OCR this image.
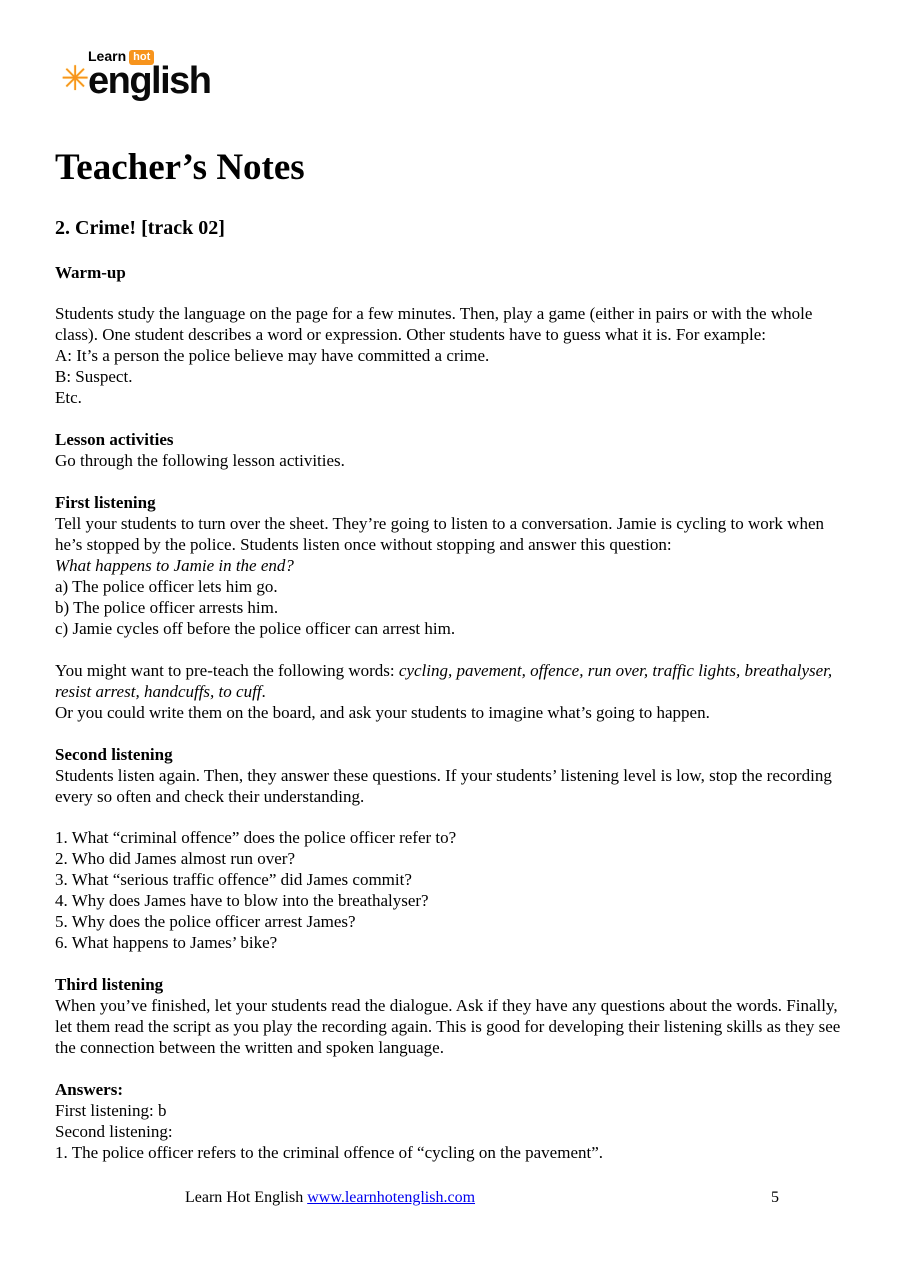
✳
Learn hot
english
Teacher’s Notes
2. Crime! [track 02]
Warm-up

Students study the language on the page for a few minutes. Then, play a game (either in pairs or with the whole class). One student describes a word or expression. Other students have to guess what it is. For example:

A: It’s a person the police believe may have committed a crime.
B: Suspect.
Etc.
Lesson activities

Go through the following lesson activities.

First listening

Tell your students to turn over the sheet. They’re going to listen to a conversation. Jamie is cycling to work when he’s stopped by the police. Students listen once without stopping and answer this question:

What happens to Jamie in the end?
a) The police officer lets him go.
b) The police officer arrests him.
c) Jamie cycles off before the police officer can arrest him.

You might want to pre-teach the following words: cycling, pavement, offence, run over, traffic lights, breathalyser, resist arrest, handcuffs, to cuff.

Or you could write them on the board, and ask your students to imagine what’s going to happen.
Second listening

Students listen again. Then, they answer these questions. If your students’ listening level is low, stop the recording every so often and check their understanding.

1. What “criminal offence” does the police officer refer to?
2. Who did James almost run over?
3. What “serious traffic offence” did James commit?
4. Why does James have to blow into the breathalyser?
5. Why does the police officer arrest James?
6. What happens to James’ bike?
Third listening

When you’ve finished, let your students read the dialogue. Ask if they have any questions about the words. Finally, let them read the script as you play the recording again. This is good for developing their listening skills as they see the connection between the written and spoken language.

Answers:
First listening: b
Second listening:
1. The police officer refers to the criminal offence of “cycling on the pavement”.
Learn Hot English www.learnhotenglish.com	5
